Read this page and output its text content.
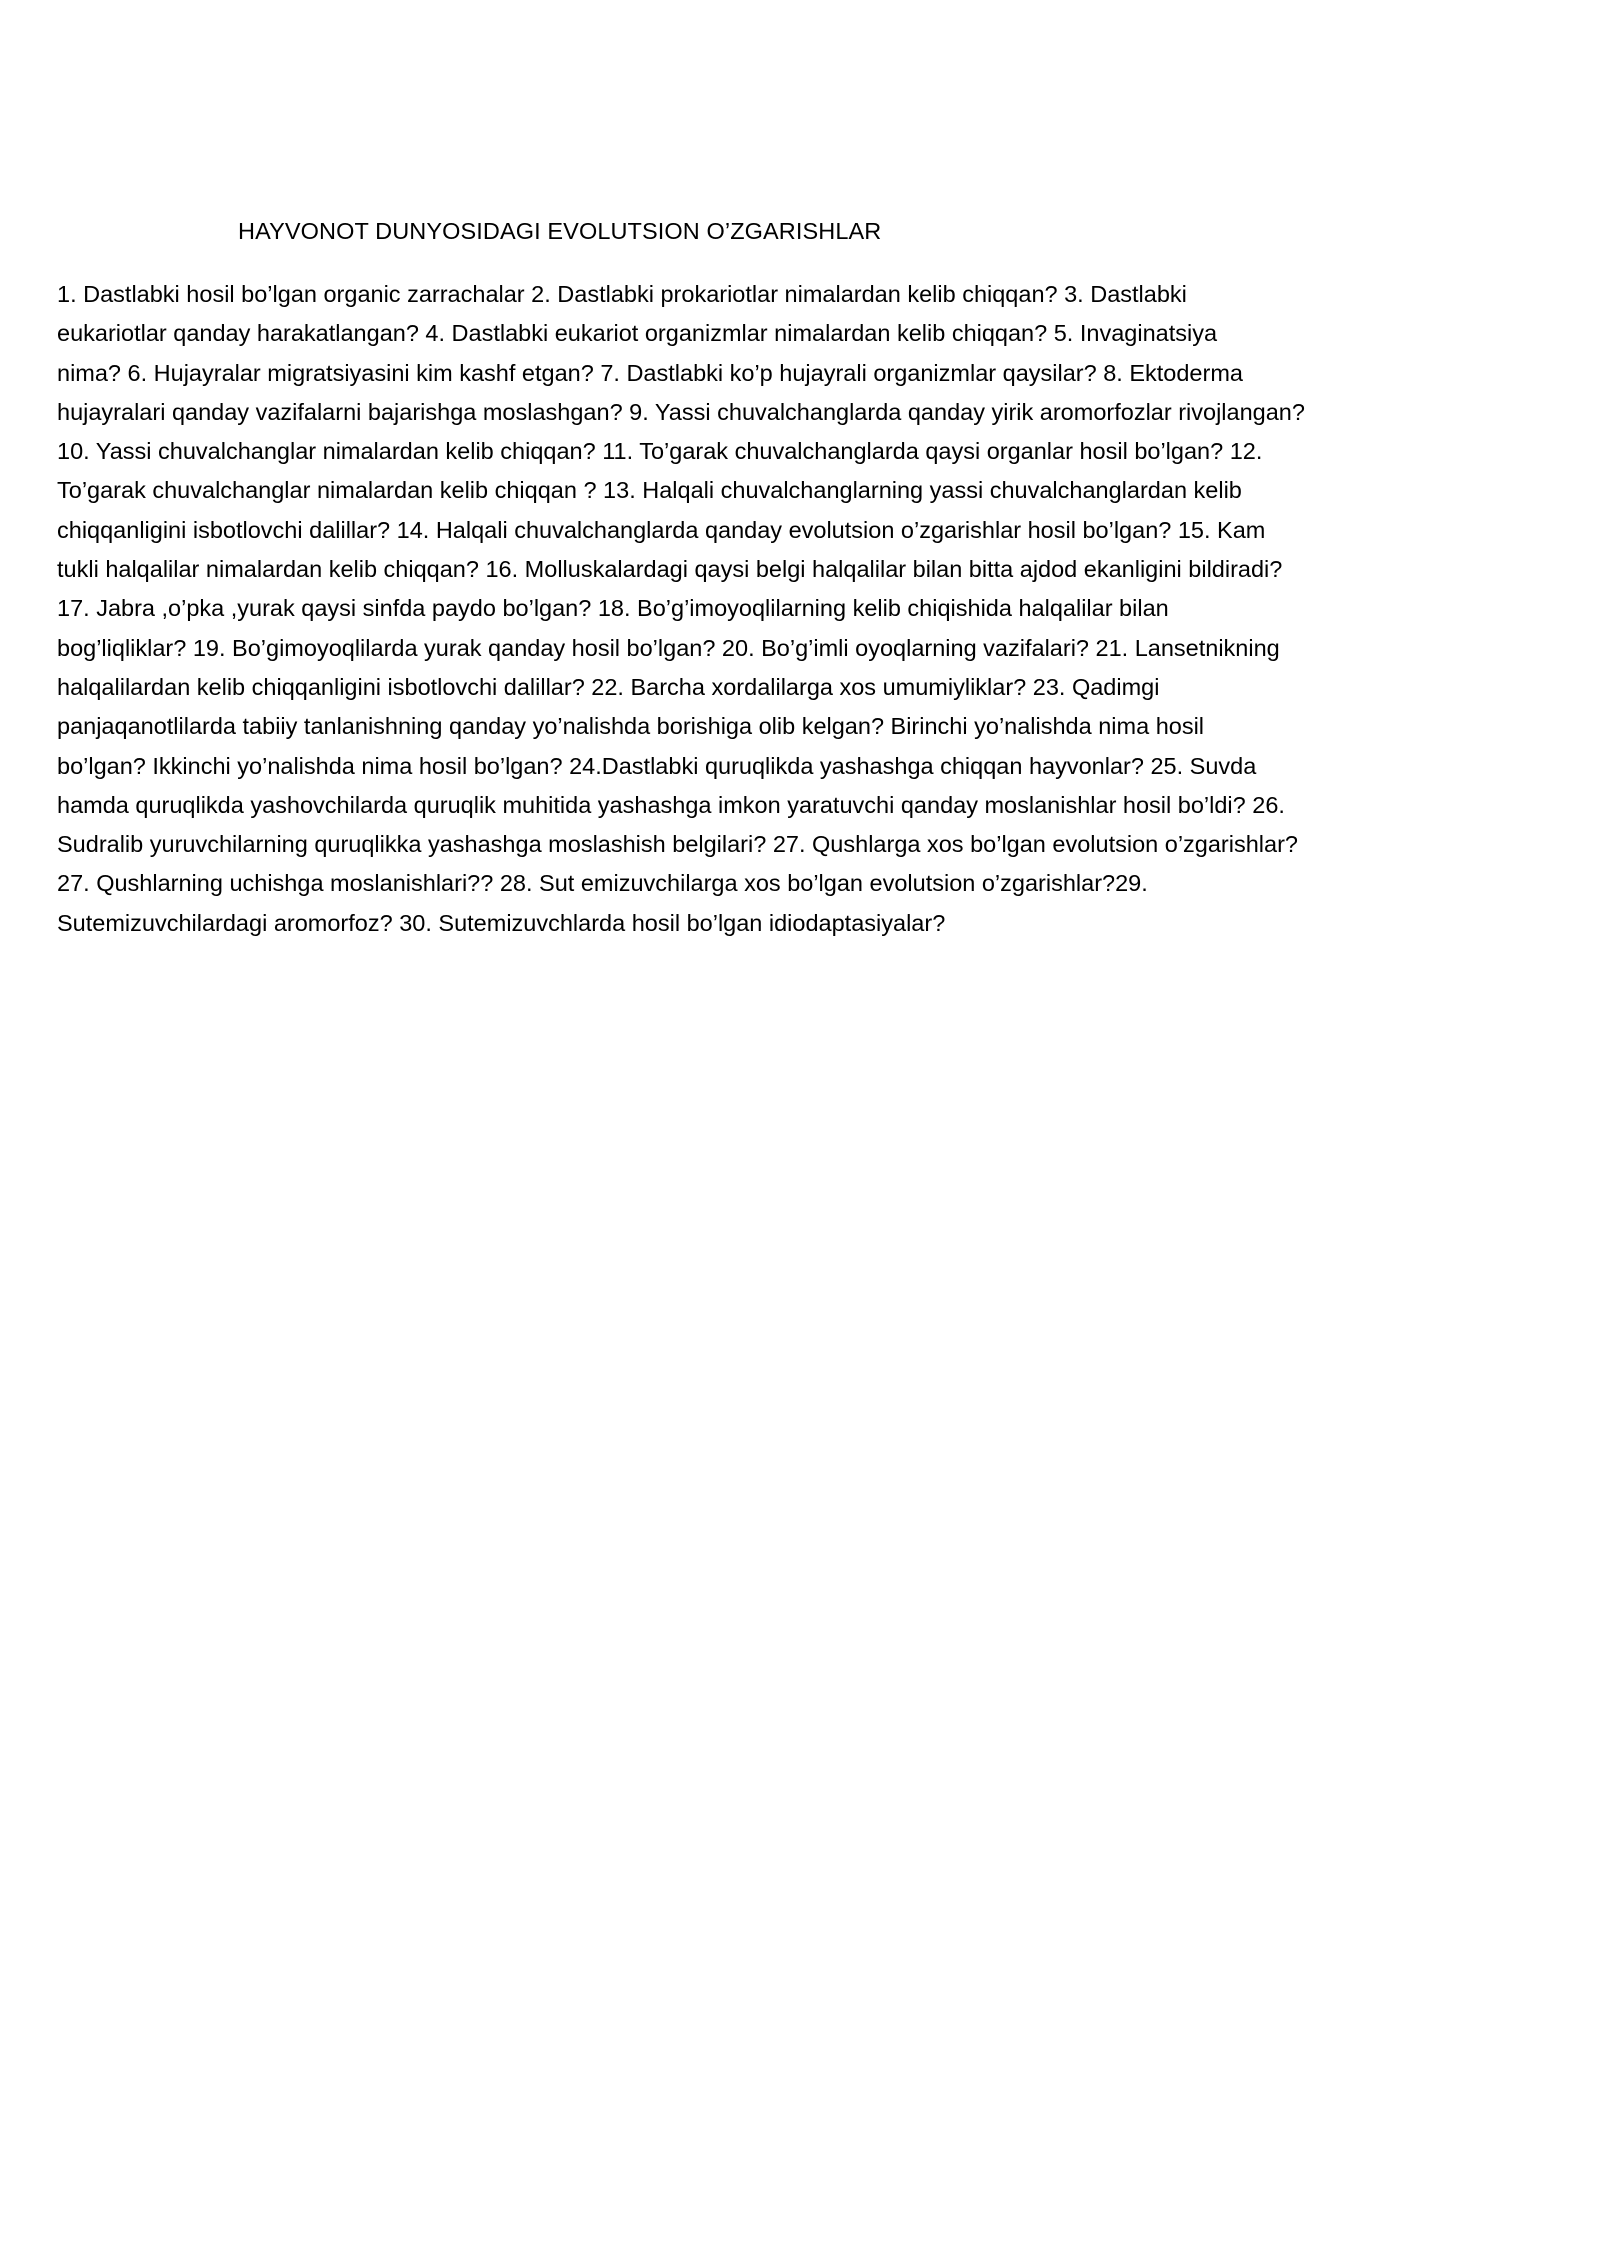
HAYVONOT DUNYOSIDAGI EVOLUTSION O’ZGARISHLAR
1. Dastlabki hosil bo’lgan organic zarrachalar 2. Dastlabki prokariotlar nimalardan kelib chiqqan? 3. Dastlabki
eukariotlar qanday harakatlangan? 4. Dastlabki eukariot organizmlar nimalardan kelib chiqqan? 5. Invaginatsiya
nima? 6. Hujayralar migratsiyasini kim kashf etgan? 7. Dastlabki ko’p hujayrali organizmlar qaysilar? 8. Ektoderma
hujayralari qanday vazifalarni bajarishga moslashgan? 9. Yassi chuvalchanglarda qanday yirik aromorfozlar rivojlangan?
10. Yassi chuvalchanglar nimalardan kelib chiqqan? 11. To’garak chuvalchanglarda qaysi organlar hosil bo’lgan? 12.
To’garak chuvalchanglar nimalardan kelib chiqqan ? 13. Halqali chuvalchanglarning yassi chuvalchanglardan kelib
chiqqanligini isbotlovchi dalillar? 14. Halqali chuvalchanglarda qanday evolutsion o’zgarishlar hosil bo’lgan? 15. Kam
tukli halqalilar nimalardan kelib chiqqan? 16. Molluskalardagi qaysi belgi halqalilar bilan bitta ajdod ekanligini bildiradi?
17. Jabra ,o’pka ,yurak qaysi sinfda paydo bo’lgan? 18. Bo’g’imoyoqlilarning kelib chiqishida halqalilar bilan
bog’liqliklar? 19. Bo’gimoyoqlilarda yurak qanday hosil bo’lgan? 20. Bo’g’imli oyoqlarning vazifalari? 21. Lansetnikning
halqalilardan kelib chiqqanligini isbotlovchi dalillar? 22. Barcha xordalilarga xos umumiyliklar? 23. Qadimgi
panjaqanotlilarda tabiiy tanlanishning qanday yo’nalishda borishiga olib kelgan? Birinchi yo’nalishda nima hosil
bo’lgan? Ikkinchi yo’nalishda nima hosil bo’lgan? 24.Dastlabki quruqlikda yashashga chiqqan hayvonlar? 25. Suvda
hamda quruqlikda yashovchilarda quruqlik muhitida yashashga imkon yaratuvchi qanday moslanishlar hosil bo’ldi? 26.
Sudralib yuruvchilarning quruqlikka yashashga moslashish belgilari? 27. Qushlarga xos bo’lgan evolutsion o’zgarishlar?
27. Qushlarning uchishga moslanishlari?? 28. Sut emizuvchilarga xos bo’lgan evolutsion o’zgarishlar?29.
Sutemizuvchilardagi aromorfoz? 30. Sutemizuvchlarda hosil bo’lgan idiodaptasiyalar?
